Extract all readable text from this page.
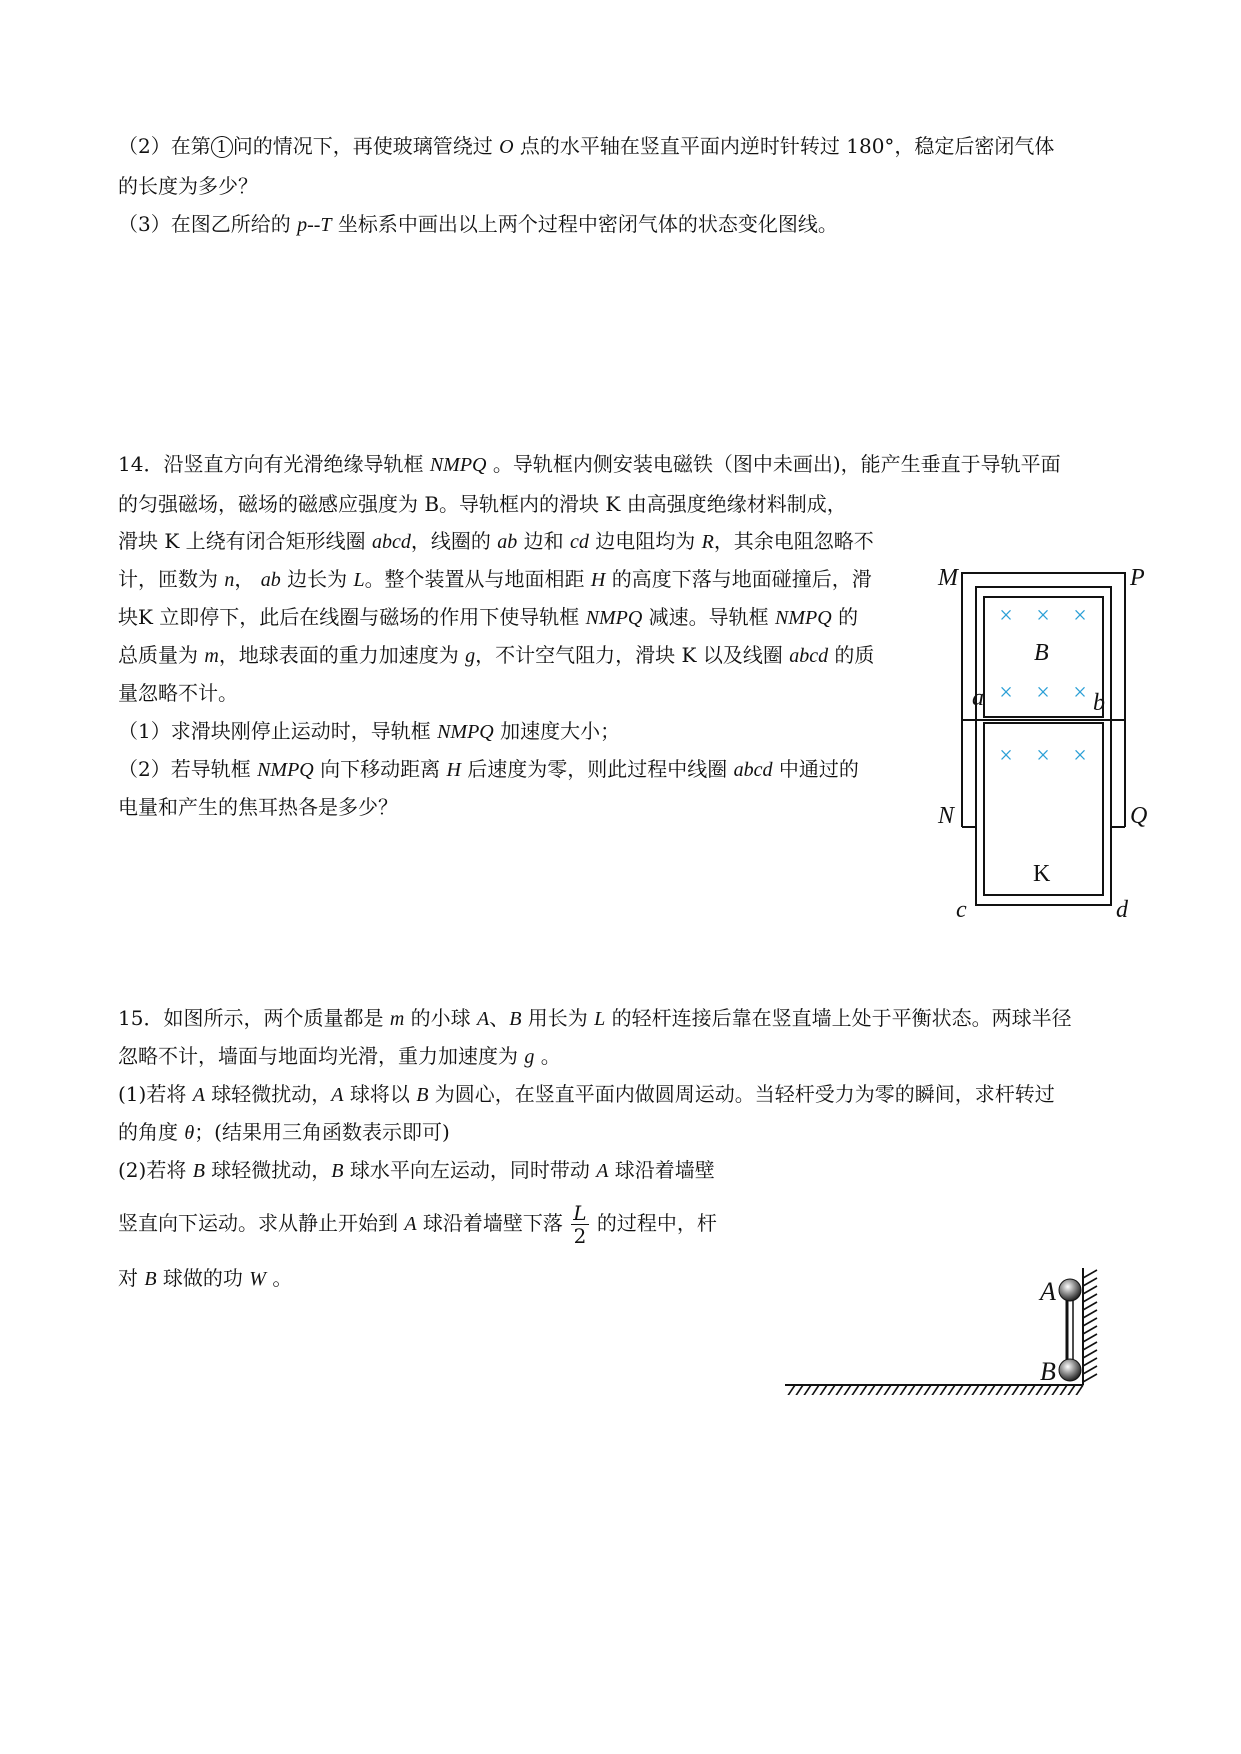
（2）在第 1 问的情况下，再使玻璃管绕过 O 点的水平轴在竖直平面内逆时针转过 180°，稳定后密闭气体
的长度为多少？
（3）在图乙所给的 p--T 坐标系中画出以上两个过程中密闭气体的状态变化图线。
14．沿竖直方向有光滑绝缘导轨框 NMPQ 。导轨框内侧安装电磁铁（图中未画出)，能产生垂直于导轨平面
的匀强磁场，磁场的磁感应强度为 B。导轨框内的滑块 K 由高强度绝缘材料制成，
滑块 K 上绕有闭合矩形线圈 abcd，线圈的 ab 边和 cd 边电阻均为 R，其余电阻忽略不
计，匝数为 n， ab 边长为 L。整个装置从与地面相距 H 的高度下落与地面碰撞后，滑
块K 立即停下，此后在线圈与磁场的作用下使导轨框 NMPQ 减速。导轨框 NMPQ 的
总质量为 m，地球表面的重力加速度为 g，不计空气阻力，滑块 K 以及线圈 abcd 的质
量忽略不计。
（1）求滑块刚停止运动时，导轨框 NMPQ 加速度大小；
（2）若导轨框 NMPQ 向下移动距离 H 后速度为零，则此过程中线圈 abcd 中通过的
电量和产生的焦耳热各是多少？
× × ×
× × ×
× × ×
M	P
B
a	b
N	Q
c	d
K
15．如图所示，两个质量都是 m 的小球 A、B 用长为 L 的轻杆连接后靠在竖直墙上处于平衡状态。两球半径
忽略不计，墙面与地面均光滑，重力加速度为 g 。
(1)若将 A 球轻微扰动，A 球将以 B 为圆心，在竖直平面内做圆周运动。当轻杆受力为零的瞬间，求杆转过
的角度 θ；(结果用三角函数表示即可)
(2)若将 B 球轻微扰动，B 球水平向左运动，同时带动 A 球沿着墙壁
竖直向下运动。求从静止开始到 A 球沿着墙壁下落 $\frac{L}{2}$ 的过程中，杆
对 B 球做的功 W 。	A
B
